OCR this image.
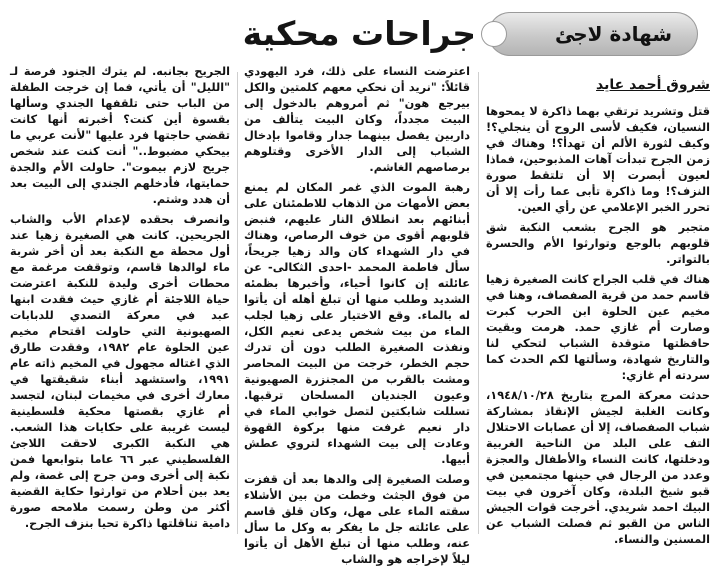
جراحات محكية	شهادة لاجئ
شروق أحمد عايد

قتل وتشريد ترتقي بهما ذاكرة لا يمحوها النسيان، فكيف لأسى الروح أن ينجلي؟! وكيف لثورة الألم أن تهدأ؟! وهناك في زمن الجرح تبدأت آهات المذبوحين، فماذا لعيون أبصرت إلا أن تلتقط صورة النزف؟! وما ذاكرة تأبى عما رأت إلا أن تحرر الخبر الإعلامي عن رأي العين.

متجبر هو الجرح بشعب النكبة شق قلوبهم بالوجع وتوارثوا الأم والحسرة بالتواتر.

هناك في قلب الجراح كانت الصغيرة زهيا قاسم حمد من قرية الصفصاف، وهنا في مخيم عين الحلوة ابن الحرب كبرت وصارت أم غازي حمد. هرمت وبقيت حافظتها متوقدة الشباب لتحكي لنا والتاريخ شهادة، وسألتها لكم الحدث كما سردته أم غازي:

حدثت معركة المرج بتاريخ ١٩٤٨/١٠/٢٨، وكانت الغلبة لجيش الإنقاذ بمشاركة شباب الصفصاف، إلا أن عصابات الاحتلال التف على البلد من الناحية الغربية ودخلتها، كانت النساء والأطفال والعجزة وعدد من الرجال في حينها مجتمعين في قبو شيخ البلدة، وكان آخرون في بيت البيك احمد شريدي. أخرجت قوات الجيش الناس من القبو ثم فصلت الشباب عن المسنين والنساء.

اعترضت النساء على ذلك، فرد اليهودي قائلاً: "نريد أن نحكي معهم كلمتين والكل بيرجع هون" ثم أمروهم بالدخول إلى البيت مجدداً، وكان البيت يتألف من داربين يفصل بينهما جدار وقاموا بإدخال الشباب إلى الدار الأخرى وقتلوهم برصاصهم الغاشم.

رهبة الموت الذي غمر المكان لم يمنع بعض الأمهات من الذهاب للاطمئنان على أبنائهم بعد انطلاق النار عليهم، فنبض قلوبهم أقوى من خوف الرصاص، وهناك في دار الشهداء كان والد زهيا جريحاً، سأل فاطمة المحمد -احدى الثكالى- عن عائلته إن كانوا أحياء، وأخبرها بظمئه الشديد وطلب منها أن تبلغ أهله أن يأتوا له بالماء. وقع الاختيار على زهيا لجلب الماء من بيت شخص يدعى نعيم الكل، ونفذت الصغيرة الطلب دون أن تدرك حجم الخطر، خرجت من البيت المحاصر ومشت بالقرب من المجنزرة الصهيونية وعيون الجنديان المسلحان ترقبها. تسللت شابكتين لتصل خوابي الماء في دار نعيم غرفت منها بركوة القهوة وعادت إلى بيت الشهداء لتروي عطش أبيها.

وصلت الصغيرة إلى والدها بعد أن قفزت من فوق الجثث وخطت من بين الأشلاء سقته الماء على مهل، وكان قلق قاسم على عائلته جل ما يفكر به وكل ما سأل عنه، وطلب منها أن تبلغ الأهل أن يأتوا ليلاً لإخراجه هو والشاب

الجريح بجانبه. لم يترك الجنود فرصة لـ "الليل" أن يأتي، فما إن خرجت الطفلة من الباب حتى تلقفها الجندي وسألها بقسوة أين كنت؟ أخبرته أنها كانت تقضي حاجتها فرد عليها "لأنت عربي ما بيحكي مضبوط.." أنت كنت عند شخص جريح لازم بيموت". حاولت الأم والجدة حمايتها، فأدخلهم الجندي إلى البيت بعد أن هدد وشتم.

وانصرف بحقده لإعدام الأب والشاب الجريحين. كانت هي الصغيرة زهيا عند أول محطة مع النكبة بعد أن أخر شربة ماء لوالدها قاسم، وتوقفت مرغمة مع محطات أخرى وليدة للنكبة اعترضت حياة اللاجئة أم غازي حيث فقدت ابنها عبد في معركة التصدي للدبابات الصهيونية التي حاولت اقتحام مخيم عين الحلوة عام ١٩٨٢، وفقدت طارق الذي اغتاله مجهول في المخيم ذاته عام ١٩٩١، واستشهد أبناء شقيقتها في معارك أخرى في مخيمات لبنان، لتجسد أم غازي بقصتها محكية فلسطينية ليست غريبة على حكايات هذا الشعب. هي النكبة الكبرى لاحقت اللاجئ الفلسطيني عبر ٦٦ عاما بتوابعها فمن نكبة إلى أخرى ومن جرح إلى غصة، ولم يعد بين أحلام من توارثوا حكاية القضية أكثر من وطن رسمت ملامحه صورة دامية تناقلتها ذاكرة تحيا بنزف الجرح.
